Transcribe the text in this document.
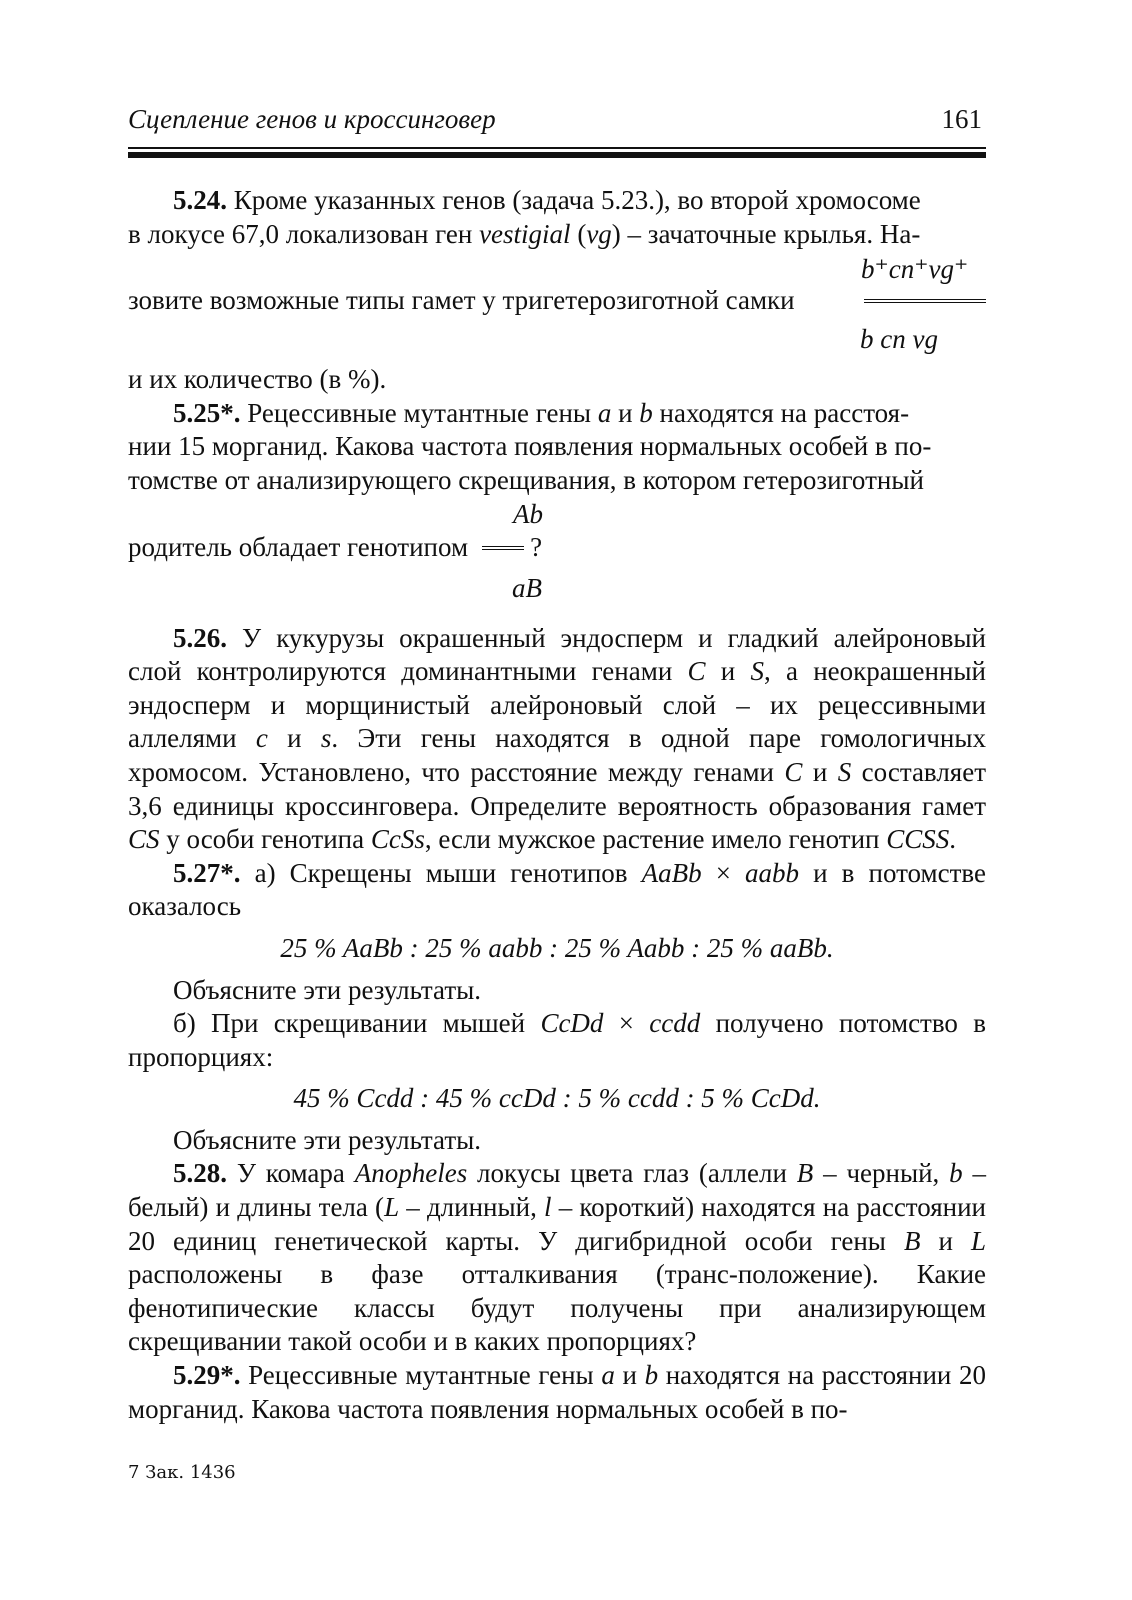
Сцепление генов и кроссинговер	161

5.24. Кроме указанных генов (задача 5.23.), во второй хромосоме

в локусе 67,0 локализован ген vestigial (vg) – зачаточные крылья. На-

b⁺cn⁺vg⁺
зовите возможные типы гамет у тригетерозиготной самки
b cn vg

и их количество (в %).

5.25*. Рецессивные мутантные гены a и b находятся на расстоя-

нии 15 морганид. Какова частота появления нормальных особей в по-

томстве от анализирующего скрещивания, в котором гетерозиготный

Ab
родитель обладает генотипом ?
aB

5.26. У кукурузы окрашенный эндосперм и гладкий алейроновый слой контролируются доминантными генами C и S, а неокрашенный эндосперм и морщинистый алейроновый слой – их рецессивными аллелями c и s. Эти гены находятся в одной паре гомологичных хромосом. Установлено, что расстояние между генами C и S составляет 3,6 единицы кроссинговера. Определите вероятность образования гамет CS у особи генотипа CcSs, если мужское растение имело генотип CCSS.

5.27*. а) Скрещены мыши генотипов AaBb × aabb и в потомстве оказалось

25 % AaBb : 25 % aabb : 25 % Aabb : 25 % aaBb.

Объясните эти результаты.

б) При скрещивании мышей CcDd × ccdd получено потомство в пропорциях:

45 % Ccdd : 45 % ccDd : 5 % ccdd : 5 % CcDd.

Объясните эти результаты.

5.28. У комара Anopheles локусы цвета глаз (аллели B – черный, b – белый) и длины тела (L – длинный, l – короткий) находятся на расстоянии 20 единиц генетической карты. У дигибридной особи гены B и L расположены в фазе отталкивания (транс-положение). Какие фенотипические классы будут получены при анализирующем скрещивании такой особи и в каких пропорциях?

5.29*. Рецессивные мутантные гены a и b находятся на расстоянии 20 морганид. Какова частота появления нормальных особей в по-

7 Зак. 1436
